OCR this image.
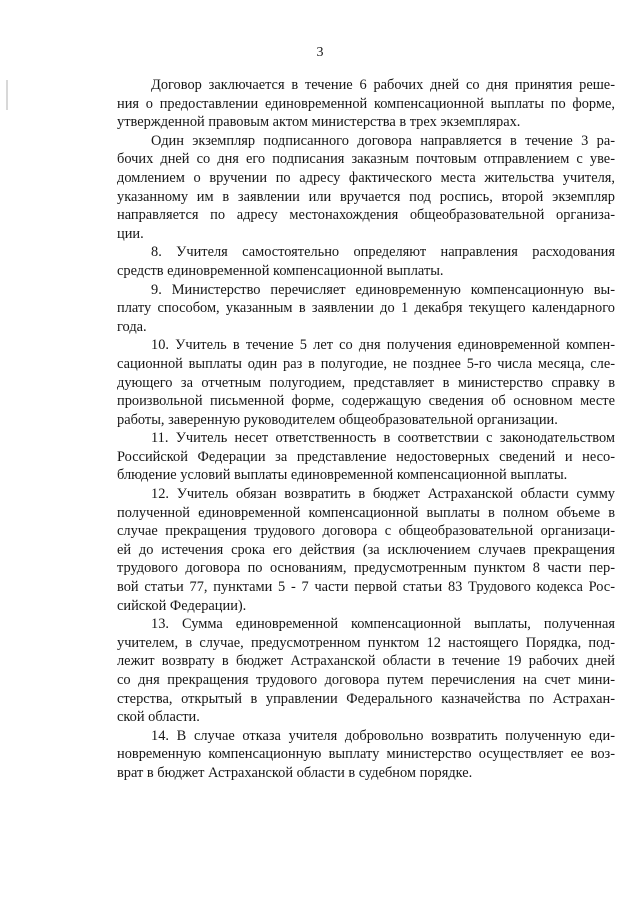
3
Договор заключается в течение 6 рабочих дней со дня принятия реше-
ния о предоставлении единовременной компенсационной выплаты по форме,
утвержденной правовым актом министерства в трех экземплярах.
Один экземпляр подписанного договора направляется в течение 3 ра-
бочих дней со дня его подписания заказным почтовым отправлением с уве-
домлением о вручении по адресу фактического места жительства учителя,
указанному им в заявлении или вручается под роспись, второй экземпляр
направляется по адресу местонахождения общеобразовательной организа-
ции.
8. Учителя самостоятельно определяют направления расходования
средств единовременной компенсационной выплаты.
9. Министерство перечисляет единовременную компенсационную вы-
плату способом, указанным в заявлении до 1 декабря текущего календарного
года.
10. Учитель в течение 5 лет со дня получения единовременной компен-
сационной выплаты один раз в полугодие, не позднее 5-го числа месяца, сле-
дующего за отчетным полугодием, представляет в министерство справку в
произвольной письменной форме, содержащую сведения об основном месте
работы, заверенную руководителем общеобразовательной организации.
11. Учитель несет ответственность в соответствии с законодательством
Российской Федерации за представление недостоверных сведений и несо-
блюдение условий выплаты единовременной компенсационной выплаты.
12. Учитель обязан возвратить в бюджет Астраханской области сумму
полученной единовременной компенсационной выплаты в полном объеме в
случае прекращения трудового договора с общеобразовательной организаци-
ей до истечения срока его действия (за исключением случаев прекращения
трудового договора по основаниям, предусмотренным пунктом 8 части пер-
вой статьи 77, пунктами 5 - 7 части первой статьи 83 Трудового кодекса Рос-
сийской Федерации).
13. Сумма единовременной компенсационной выплаты, полученная
учителем, в случае, предусмотренном пунктом 12 настоящего Порядка, под-
лежит возврату в бюджет Астраханской области в течение 19 рабочих дней
со дня прекращения трудового договора путем перечисления на счет мини-
стерства, открытый в управлении Федерального казначейства по Астрахан-
ской области.
14. В случае отказа учителя добровольно возвратить полученную еди-
новременную компенсационную выплату министерство осуществляет ее воз-
врат в бюджет Астраханской области в судебном порядке.
